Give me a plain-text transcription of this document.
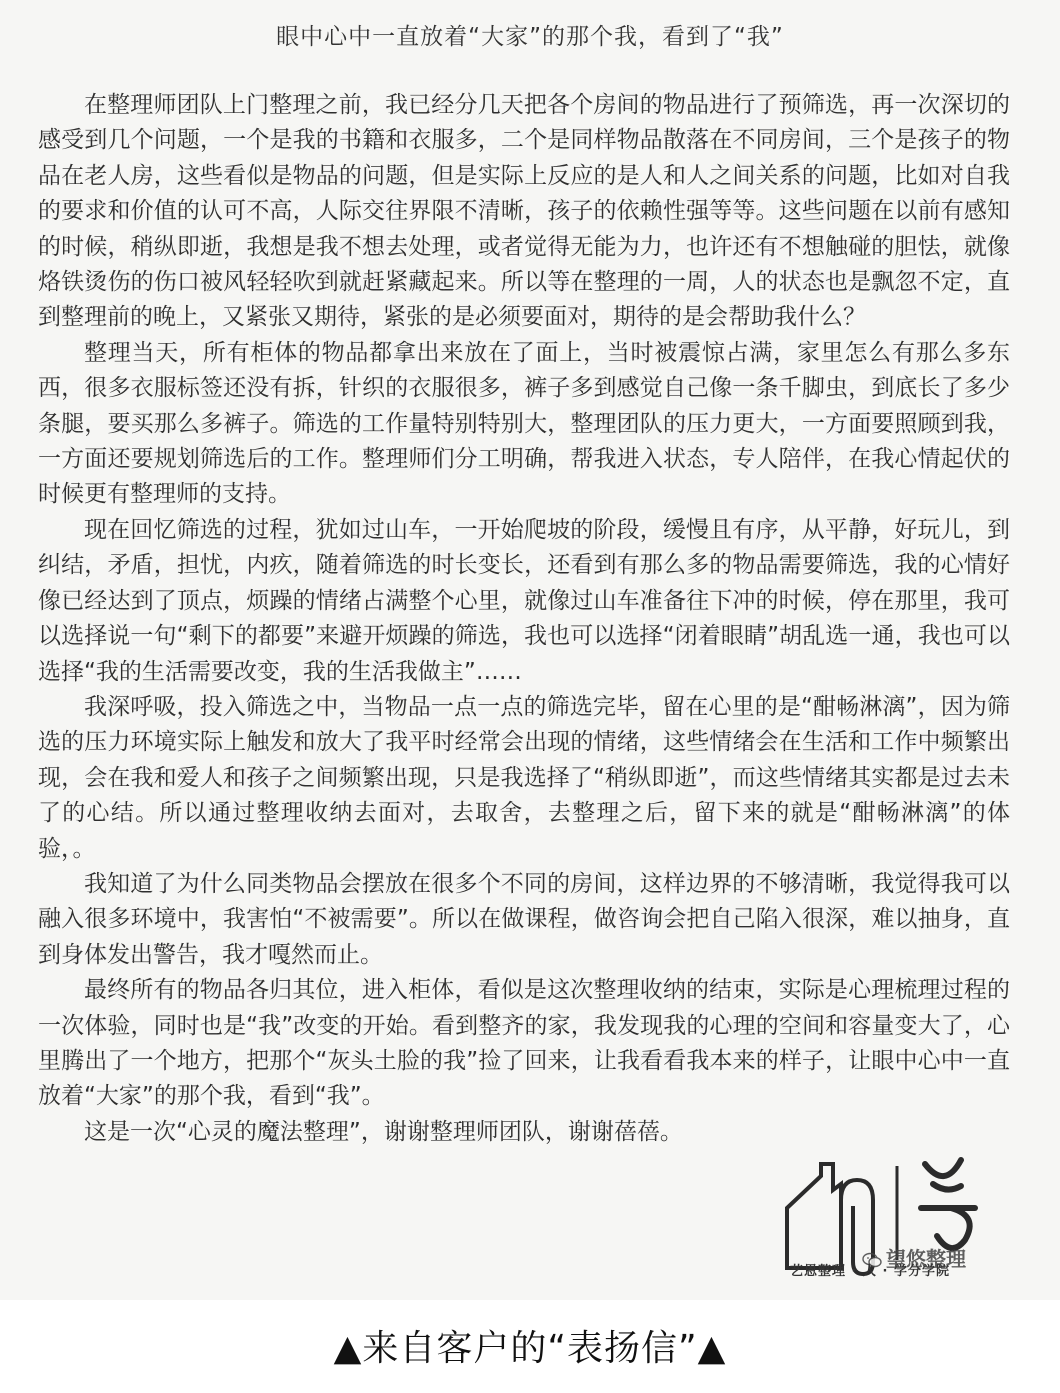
眼中心中一直放着“大家”的那个我，看到了“我”

在整理师团队上门整理之前，我已经分几天把各个房间的物品进行了预筛选，再一次深切的感受到几个问题，一个是我的书籍和衣服多，二个是同样物品散落在不同房间，三个是孩子的物品在老人房，这些看似是物品的问题，但是实际上反应的是人和人之间关系的问题，比如对自我的要求和价值的认可不高，人际交往界限不清晰，孩子的依赖性强等等。这些问题在以前有感知的时候，稍纵即逝，我想是我不想去处理，或者觉得无能为力，也许还有不想触碰的胆怯，就像烙铁烫伤的伤口被风轻轻吹到就赶紧藏起来。所以等在整理的一周，人的状态也是飘忽不定，直到整理前的晚上，又紧张又期待，紧张的是必须要面对，期待的是会帮助我什么？

整理当天，所有柜体的物品都拿出来放在了面上，当时被震惊占满，家里怎么有那么多东西，很多衣服标签还没有拆，针织的衣服很多，裤子多到感觉自己像一条千脚虫，到底长了多少条腿，要买那么多裤子。筛选的工作量特别特别大，整理团队的压力更大，一方面要照顾到我，一方面还要规划筛选后的工作。整理师们分工明确，帮我进入状态，专人陪伴，在我心情起伏的时候更有整理师的支持。

现在回忆筛选的过程，犹如过山车，一开始爬坡的阶段，缓慢且有序，从平静，好玩儿，到纠结，矛盾，担忧，内疚，随着筛选的时长变长，还看到有那么多的物品需要筛选，我的心情好像已经达到了顶点，烦躁的情绪占满整个心里，就像过山车准备往下冲的时候，停在那里，我可以选择说一句“剩下的都要”来避开烦躁的筛选，我也可以选择“闭着眼睛”胡乱选一通，我也可以选择“我的生活需要改变，我的生活我做主”……

我深呼吸，投入筛选之中，当物品一点一点的筛选完毕，留在心里的是“酣畅淋漓”，因为筛选的压力环境实际上触发和放大了我平时经常会出现的情绪，这些情绪会在生活和工作中频繁出现，会在我和爱人和孩子之间频繁出现，只是我选择了“稍纵即逝”，而这些情绪其实都是过去未了的心结。所以通过整理收纳去面对，去取舍，去整理之后，留下来的就是“酣畅淋漓”的体验，。

我知道了为什么同类物品会摆放在很多个不同的房间，这样边界的不够清晰，我觉得我可以融入很多环境中，我害怕“不被需要”。所以在做课程，做咨询会把自己陷入很深，难以抽身，直到身体发出警告，我才嘎然而止。

最终所有的物品各归其位，进入柜体，看似是这次整理收纳的结束，实际是心理梳理过程的一次体验，同时也是“我”改变的开始。看到整齐的家，我发现我的心理的空间和容量变大了，心里腾出了一个地方，把那个“灰头土脸的我”捡了回来，让我看看我本来的样子，让眼中心中一直放着“大家”的那个我，看到“我”。

这是一次“心灵的魔法整理”，谢谢整理师团队，谢谢蓓蓓。

望悠整理
艺恩整理 · 人 · 学分学院
▲来自客户的“表扬信”▲
